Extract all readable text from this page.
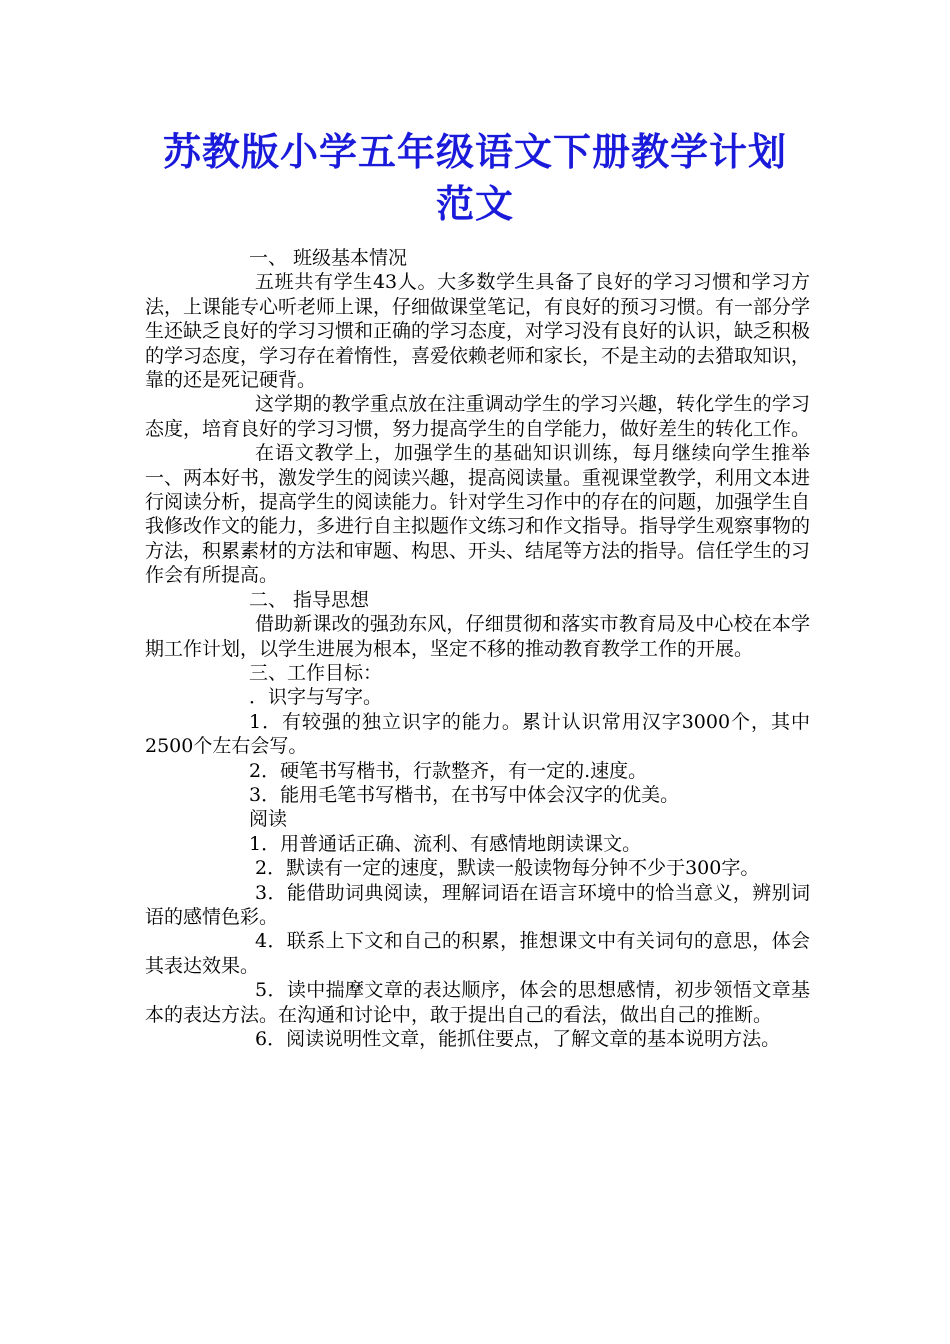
苏教版小学五年级语文下册教学计划范文

一、 班级基本情况

五班共有学生43人。大多数学生具备了良好的学习习惯和学习方法，上课能专心听老师上课，仔细做课堂笔记，有良好的预习习惯。有一部分学生还缺乏良好的学习习惯和正确的学习态度，对学习没有良好的认识，缺乏积极的学习态度，学习存在着惰性，喜爱依赖老师和家长，不是主动的去猎取知识，靠的还是死记硬背。

这学期的教学重点放在注重调动学生的学习兴趣，转化学生的学习态度，培育良好的学习习惯，努力提高学生的自学能力，做好差生的转化工作。

在语文教学上，加强学生的基础知识训练，每月继续向学生推举一、两本好书，激发学生的阅读兴趣，提高阅读量。重视课堂教学，利用文本进行阅读分析，提高学生的阅读能力。针对学生习作中的存在的问题，加强学生自我修改作文的能力，多进行自主拟题作文练习和作文指导。指导学生观察事物的方法，积累素材的方法和审题、构思、开头、结尾等方法的指导。信任学生的习作会有所提高。

二、 指导思想

借助新课改的强劲东风，仔细贯彻和落实市教育局及中心校在本学期工作计划，以学生进展为根本，坚定不移的推动教育教学工作的开展。

三、工作目标：

．识字与写字。

1．有较强的独立识字的能力。累计认识常用汉字3000个，其中2500个左右会写。

2．硬笔书写楷书，行款整齐，有一定的.速度。

3．能用毛笔书写楷书，在书写中体会汉字的优美。

阅读

1．用普通话正确、流利、有感情地朗读课文。

2．默读有一定的速度，默读一般读物每分钟不少于300字。

3．能借助词典阅读，理解词语在语言环境中的恰当意义，辨别词语的感情色彩。

4．联系上下文和自己的积累，推想课文中有关词句的意思，体会其表达效果。

5．读中揣摩文章的表达顺序，体会的思想感情，初步领悟文章基本的表达方法。在沟通和讨论中，敢于提出自己的看法，做出自己的推断。

6．阅读说明性文章，能抓住要点，了解文章的基本说明方法。
